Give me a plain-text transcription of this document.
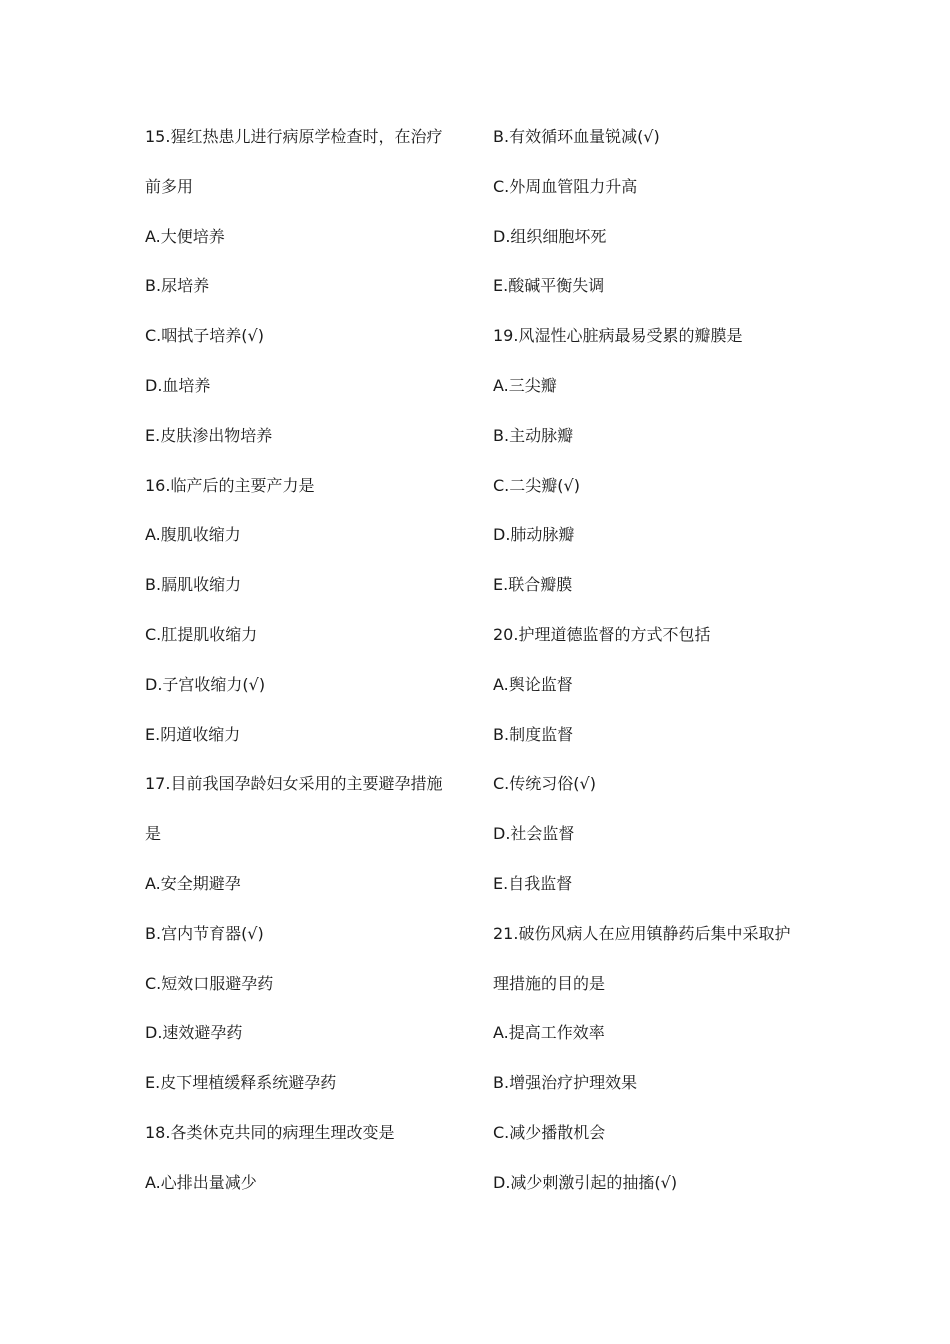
15.猩红热患儿进行病原学检查时，在治疗
前多用
A.大便培养
B.尿培养
C.咽拭子培养(√)
D.血培养
E.皮肤渗出物培养
16.临产后的主要产力是
A.腹肌收缩力
B.膈肌收缩力
C.肛提肌收缩力
D.子宫收缩力(√)
E.阴道收缩力
17.目前我国孕龄妇女采用的主要避孕措施
是
A.安全期避孕
B.宫内节育器(√)
C.短效口服避孕药
D.速效避孕药
E.皮下埋植缓释系统避孕药
18.各类休克共同的病理生理改变是
A.心排出量减少
B.有效循环血量锐减(√)
C.外周血管阻力升高
D.组织细胞坏死
E.酸碱平衡失调
19.风湿性心脏病最易受累的瓣膜是
A.三尖瓣
B.主动脉瓣
C.二尖瓣(√)
D.肺动脉瓣
E.联合瓣膜
20.护理道德监督的方式不包括
A.舆论监督
B.制度监督
C.传统习俗(√)
D.社会监督
E.自我监督
21.破伤风病人在应用镇静药后集中采取护
理措施的目的是
A.提高工作效率
B.增强治疗护理效果
C.减少播散机会
D.减少刺激引起的抽搐(√)
